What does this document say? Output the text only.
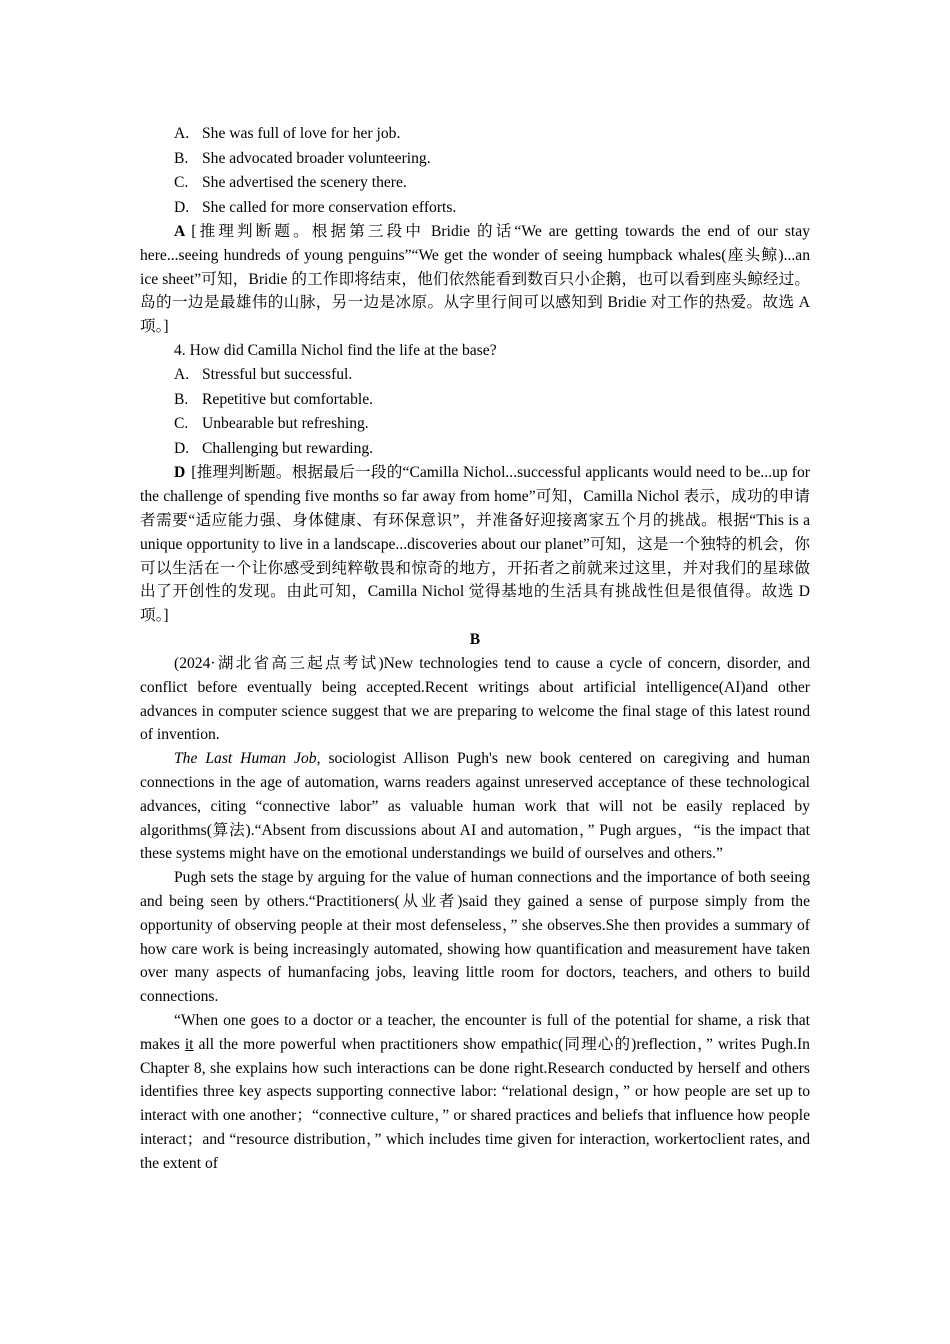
A. She was full of love for her job.

B. She advocated broader volunteering.

C. She advertised the scenery there.

D. She called for more conservation efforts.

A [推理判断题。根据第三段中 Bridie 的话“We are getting towards the end of our stay here...seeing hundreds of young penguins”“We get the wonder of seeing humpback whales(座头鲸)...an ice sheet”可知，Bridie 的工作即将结束，他们依然能看到数百只小企鹅，也可以看到座头鲸经过。岛的一边是最雄伟的山脉，另一边是冰原。从字里行间可以感知到 Bridie 对工作的热爱。故选 A 项。]

4. How did Camilla Nichol find the life at the base?

A. Stressful but successful.

B. Repetitive but comfortable.

C. Unbearable but refreshing.

D. Challenging but rewarding.

D [推理判断题。根据最后一段的“Camilla Nichol...successful applicants would need to be...up for the challenge of spending five months so far away from home”可知，Camilla Nichol 表示，成功的申请者需要“适应能力强、身体健康、有环保意识”，并准备好迎接离家五个月的挑战。根据“This is a unique opportunity to live in a landscape...discoveries about our planet”可知，这是一个独特的机会，你可以生活在一个让你感受到纯粹敬畏和惊奇的地方，开拓者之前就来过这里，并对我们的星球做出了开创性的发现。由此可知，Camilla Nichol 觉得基地的生活具有挑战性但是很值得。故选 D 项。]

B

(2024·湖北省高三起点考试)New technologies tend to cause a cycle of concern, disorder, and conflict before eventually being accepted.Recent writings about artificial intelligence(AI)and other advances in computer science suggest that we are preparing to welcome the final stage of this latest round of invention.

The Last Human Job, sociologist Allison Pugh's new book centered on caregiving and human connections in the age of automation, warns readers against unreserved acceptance of these technological advances, citing “connective labor” as valuable human work that will not be easily replaced by algorithms(算法).“Absent from discussions about AI and automation，” Pugh argues，“is the impact that these systems might have on the emotional understandings we build of ourselves and others.”

Pugh sets the stage by arguing for the value of human connections and the importance of both seeing and being seen by others.“Practitioners(从业者)said they gained a sense of purpose simply from the opportunity of observing people at their most defenseless，” she observes.She then provides a summary of how care work is being increasingly automated, showing how quantification and measurement have taken over many aspects of humanfacing jobs, leaving little room for doctors, teachers, and others to build connections.

“When one goes to a doctor or a teacher, the encounter is full of the potential for shame, a risk that makes it all the more powerful when practitioners show empathic(同理心的)reflection，” writes Pugh.In Chapter 8, she explains how such interactions can be done right.Research conducted by herself and others identifies three key aspects supporting connective labor: “relational design，” or how people are set up to interact with one another；“connective culture，” or shared practices and beliefs that influence how people interact；and “resource distribution，” which includes time given for interaction, workertoclient rates, and the extent of
